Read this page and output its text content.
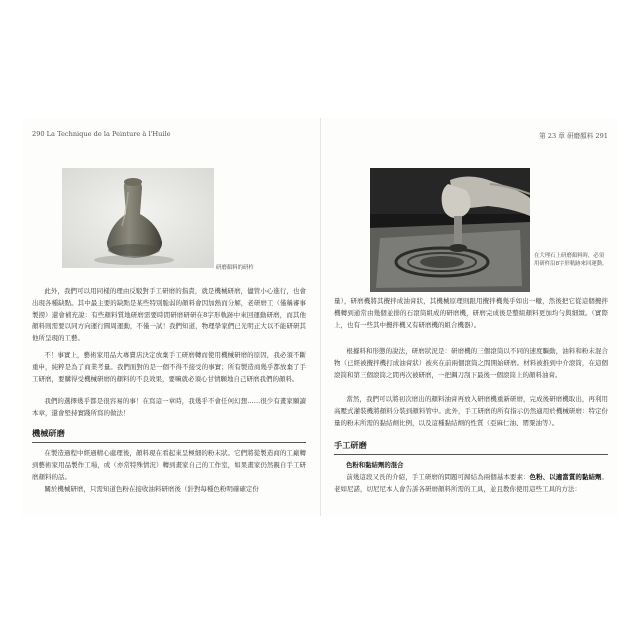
290 La Technique de la Peinture à l'Huile
研磨顏料的研杵

此外，我們可以用同樣的理由反駁對手工研磨的指責，就是機械研磨，儘管小心進行，也會出現各種缺點。其中最主要的缺點是某些特別脆弱的顏料會因加熱而分解，老研磨工（僅稱審事製撈）還會補充說：有些顏料質地研磨需要時間研磨研研在8字形軌跡中來回運動研磨，而其他顏料則需要以同方向運行圓周運動，不僅一試！我們知道，物理學家們已光明正大以不能研研其他所呈現的工藝。

不！事實上，藝術家用品大專賣店決定放棄手工研磨轉而使用機械研磨的原因，我必須不斷重申，純粹是為了商業考量。我們面對的是一個不得不接受的事實；所有製造商幾乎都放棄了手工研磨，要購得受機械研磨的顏料的不良效果，要嘛就必須心甘情願地自己研磨我們的顏料。

我們的選擇幾乎都是很容易的事！在寫這一章時，我幾乎不會任何幻想……很少有畫家願讀本章，還會堅持實踐所寫的做法！

機械研磨

在製造過程中經過精心處理後，顏料現在看起來呈極細的粉末狀。它們將從製造商的工廠轉到藝術家用品製作工場，或（亦常特殊情況）轉到畫家自己的工作室，如果畫家仍然親自手工研磨顏料的話。

關於機械研磨，只需知道色粉在接收油料研磨後（針對每種色粉明確確定份

第 23 章 研磨顏料 291
在大理石上研磨顏料時，必須用研杵沿8字形軌跡來回運動。

量），研磨機將其攪拌成油膏狀，其機械原理則跟用攪拌機幾乎如出一轍，然後把它從這個攪拌機轉到通常由幾個並排的石滾筒組成的研磨機，研磨完成後是整組顏料更加均勻與細緻。（實際上，也有一些其中攪拌機又有研磨機的組合機器）。

根據料和形態的說法，研磨狀況是：研磨機的三個滾筒以不同的速度驅動，油料和粉末混合物（已經被攪拌機打成油膏狀）被夾在前兩個滾筒之間開始研磨。材料被推到中介滾筒，在這個滾筒和第三個滾筒之間再次被研磨，一把鋼刀刮下最後一個滾筒上的顏料油膏。

當然，我們可以將初次磨出的顏料油膏再放入研磨機重新研磨，完成後研磨機取出，再利用高壓式灌裝機將顏料分裝到顏料管中。此外，手工研磨的所有指示仍然適用於機械研磨：特定份量的粉末所需的黏結劑比例，以及這種黏結劑的性質（亞麻仁油、罌粟油等）。

手工研磨
色粉和黏結劑的混合

前幾這段又長的介紹，手工研磨的問題可歸結為兩個基本要素：色粉、以適當質的黏結劑。老如尼諾，切尼尼本人會告訴各研磨顏料所需的工具，並且教你使用這些工具的方法：
